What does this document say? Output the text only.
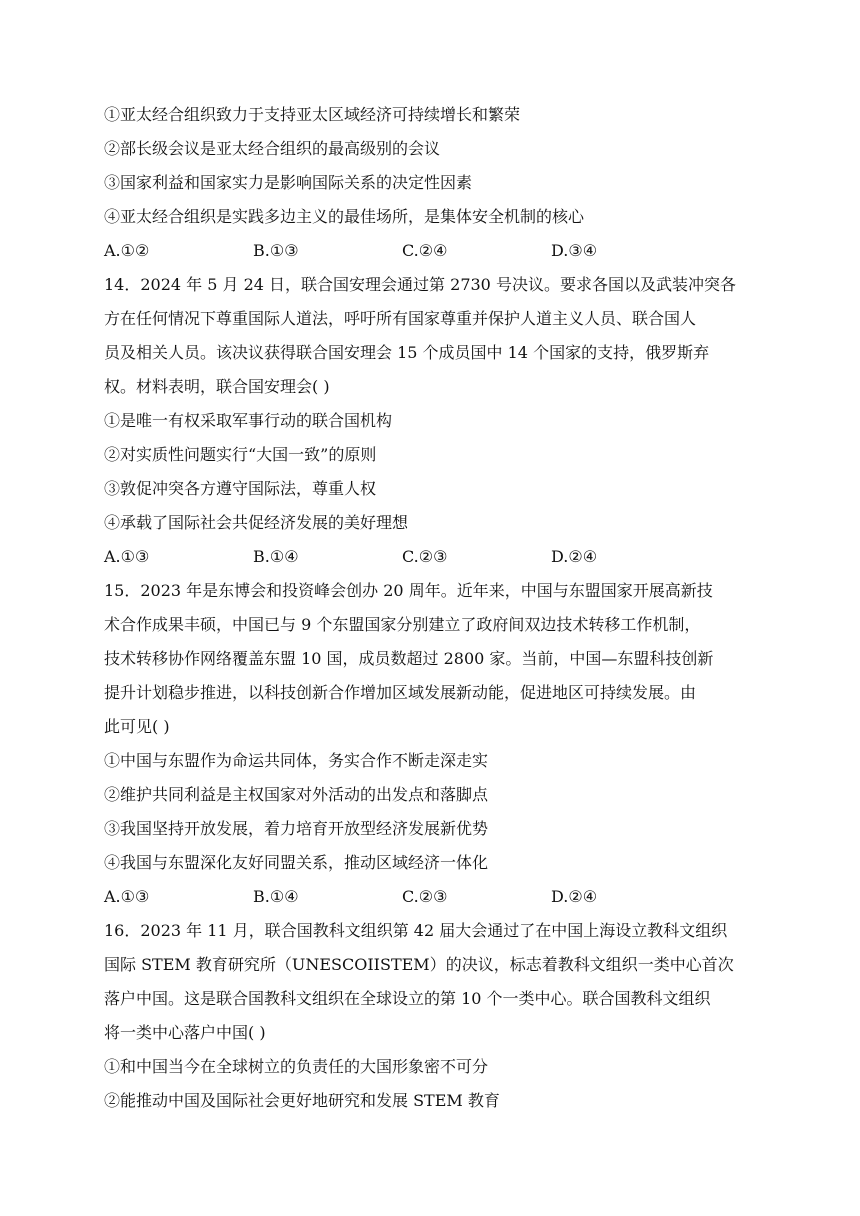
①亚太经合组织致力于支持亚太区域经济可持续增长和繁荣
②部长级会议是亚太经合组织的最高级别的会议
③国家利益和国家实力是影响国际关系的决定性因素
④亚太经合组织是实践多边主义的最佳场所，是集体安全机制的核心
A.①②	B.①③	C.②④	D.③④
14．2024 年 5 月 24 日，联合国安理会通过第 2730 号决议。要求各国以及武装冲突各
方在任何情况下尊重国际人道法，呼吁所有国家尊重并保护人道主义人员、联合国人
员及相关人员。该决议获得联合国安理会 15 个成员国中 14 个国家的支持，俄罗斯弃
权。材料表明，联合国安理会( )
①是唯一有权采取军事行动的联合国机构
②对实质性问题实行“大国一致”的原则
③敦促冲突各方遵守国际法，尊重人权
④承载了国际社会共促经济发展的美好理想
A.①③	B.①④	C.②③	D.②④
15．2023 年是东博会和投资峰会创办 20 周年。近年来，中国与东盟国家开展高新技
术合作成果丰硕，中国已与 9 个东盟国家分别建立了政府间双边技术转移工作机制，
技术转移协作网络覆盖东盟 10 国，成员数超过 2800 家。当前，中国—东盟科技创新
提升计划稳步推进，以科技创新合作增加区域发展新动能，促进地区可持续发展。由
此可见( )
①中国与东盟作为命运共同体，务实合作不断走深走实
②维护共同利益是主权国家对外活动的出发点和落脚点
③我国坚持开放发展，着力培育开放型经济发展新优势
④我国与东盟深化友好同盟关系，推动区域经济一体化
A.①③	B.①④	C.②③	D.②④
16．2023 年 11 月，联合国教科文组织第 42 届大会通过了在中国上海设立教科文组织
国际 STEM 教育研究所（UNESCOIISTEM）的决议，标志着教科文组织一类中心首次
落户中国。这是联合国教科文组织在全球设立的第 10 个一类中心。联合国教科文组织
将一类中心落户中国( )
①和中国当今在全球树立的负责任的大国形象密不可分
②能推动中国及国际社会更好地研究和发展 STEM 教育
